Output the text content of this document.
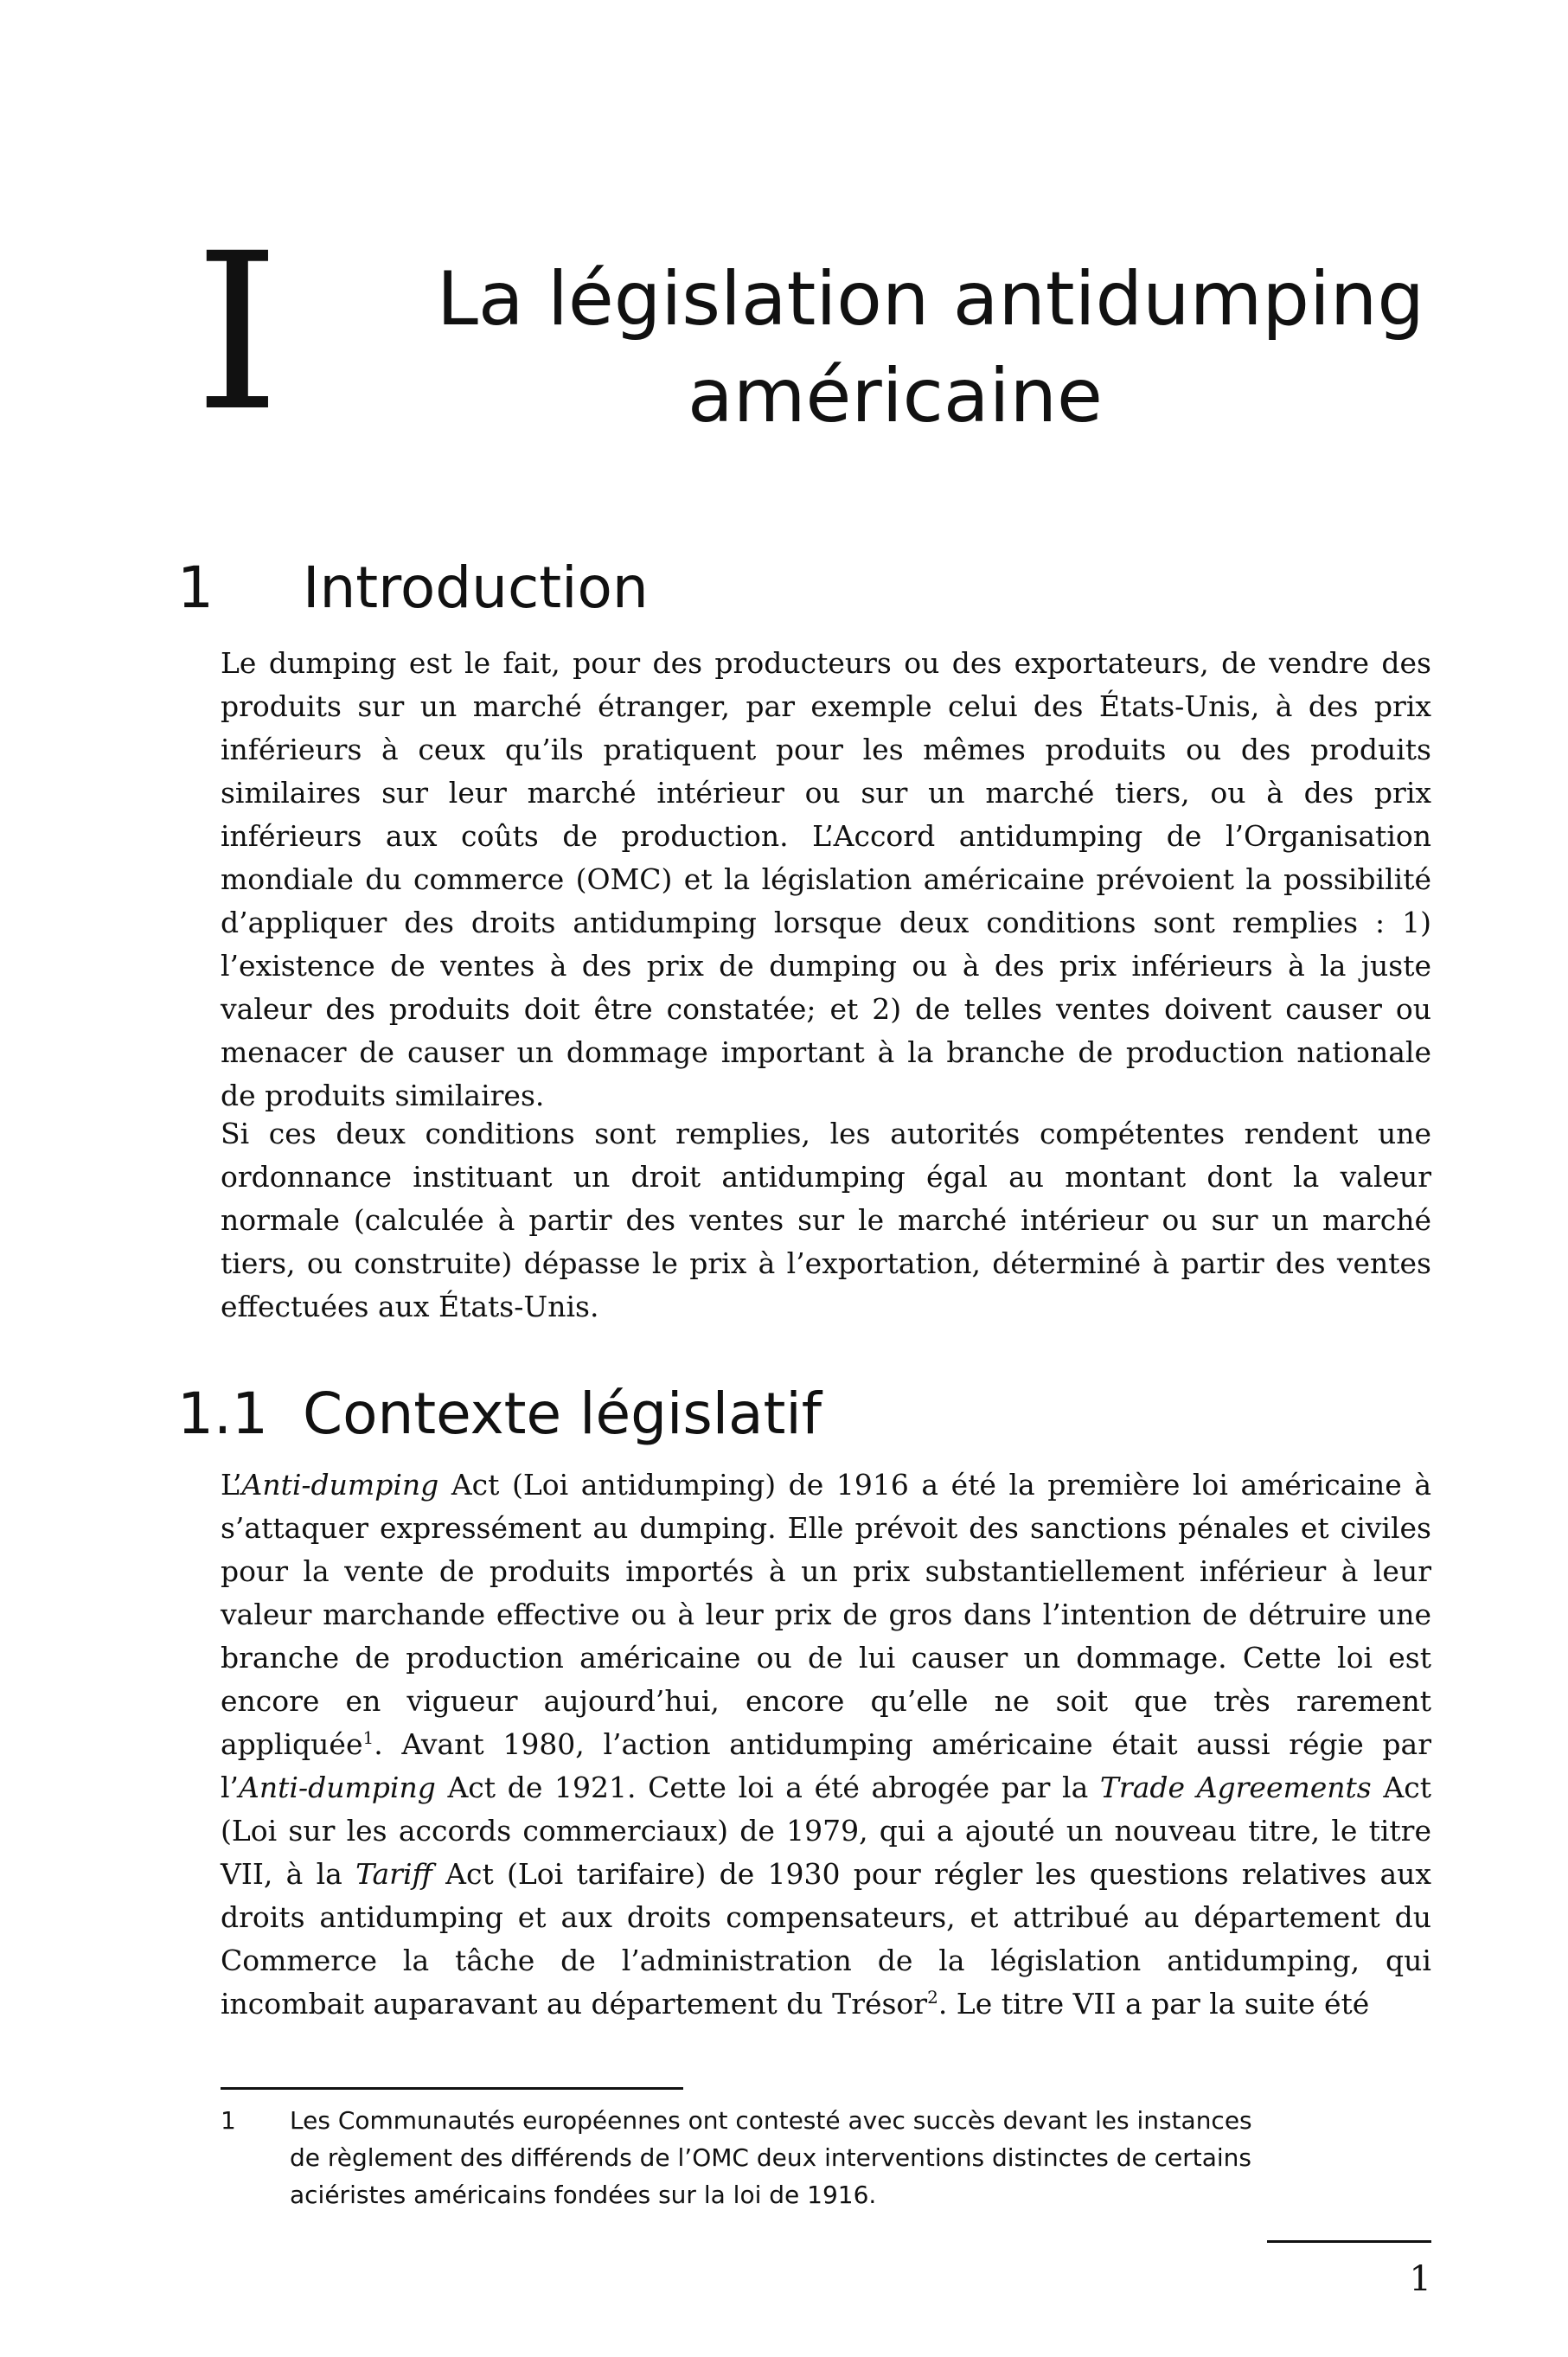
I La législation antidumping
américaine
1 Introduction

Le dumping est le fait, pour des producteurs ou des exportateurs, de vendre des produits sur un marché étranger, par exemple celui des États-Unis, à des prix inférieurs à ceux qu’ils pratiquent pour les mêmes produits ou des produits similaires sur leur marché intérieur ou sur un marché tiers, ou à des prix inférieurs aux coûts de production. L’Accord antidumping de l’Organisation mondiale du commerce (OMC) et la législation américaine prévoient la possibilité d’appliquer des droits antidumping lorsque deux conditions sont remplies : 1) l’existence de ventes à des prix de dumping ou à des prix inférieurs à la juste valeur des produits doit être constatée; et 2) de telles ventes doivent causer ou menacer de causer un dommage important à la branche de production nationale de produits similaires.

Si ces deux conditions sont remplies, les autorités compétentes rendent une ordonnance instituant un droit antidumping égal au montant dont la valeur normale (calculée à partir des ventes sur le marché intérieur ou sur un marché tiers, ou construite) dépasse le prix à l’exportation, déterminé à partir des ventes effectuées aux États-Unis.

1.1 Contexte législatif

L’Anti-dumping Act (Loi antidumping) de 1916 a été la première loi américaine à s’attaquer expressément au dumping. Elle prévoit des sanctions pénales et civiles pour la vente de produits importés à un prix substantiellement inférieur à leur valeur marchande effective ou à leur prix de gros dans l’intention de détruire une branche de production américaine ou de lui causer un dommage. Cette loi est encore en vigueur aujourd’hui, encore qu’elle ne soit que très rarement appliquée$^1$. Avant 1980, l’action antidumping américaine était aussi régie par l’Anti-dumping Act de 1921. Cette loi a été abrogée par la Trade Agreements Act (Loi sur les accords commerciaux) de 1979, qui a ajouté un nouveau titre, le titre VII, à la Tariff Act (Loi tarifaire) de 1930 pour régler les questions relatives aux droits antidumping et aux droits compensateurs, et attribué au département du Commerce la tâche de l’administration de la législation antidumping, qui incombait auparavant au département du Trésor$^2$. Le titre VII a par la suite été

1	Les Communautés européennes ont contesté avec succès devant les instances de règlement des différends de l’OMC deux interventions distinctes de certains aciéristes américains fondées sur la loi de 1916.
1
